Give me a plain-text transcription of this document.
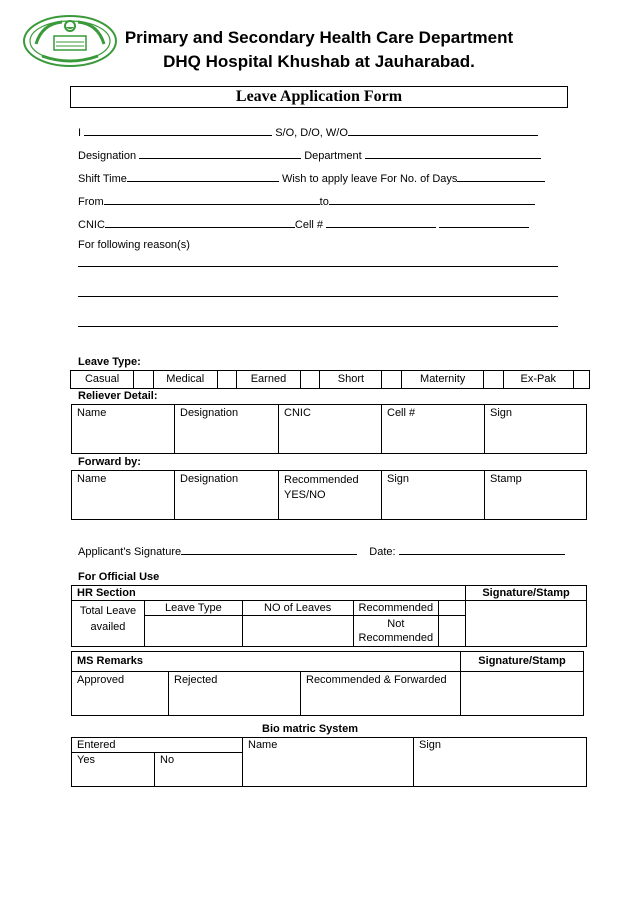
Primary and Secondary Health Care Department
DHQ Hospital Khushab at Jauharabad.
Leave Application Form
I	S/O, D/O, W/O
Designation	Department
Shift Time	Wish to apply leave For No. of Days
From	to
CNIC	Cell #
For following reason(s)
Leave Type:
Casual		Medical		Earned		Short		Maternity		Ex-Pak	
Reliever Detail:
Name	Designation	CNIC	Cell #	Sign
Forward by:
Name	Designation	Recommended YES/NO	Sign	Stamp
Applicant’s Signature	Date:
For Official Use
HR Section					Signature/Stamp
Total Leave availed	Leave Type	NO of Leaves	Recommended		
			Not Recommended		
MS Remarks			Signature/Stamp
Approved	Rejected	Recommended & Forwarded	
Bio matric System
Entered		Name	Sign
Yes	No		
